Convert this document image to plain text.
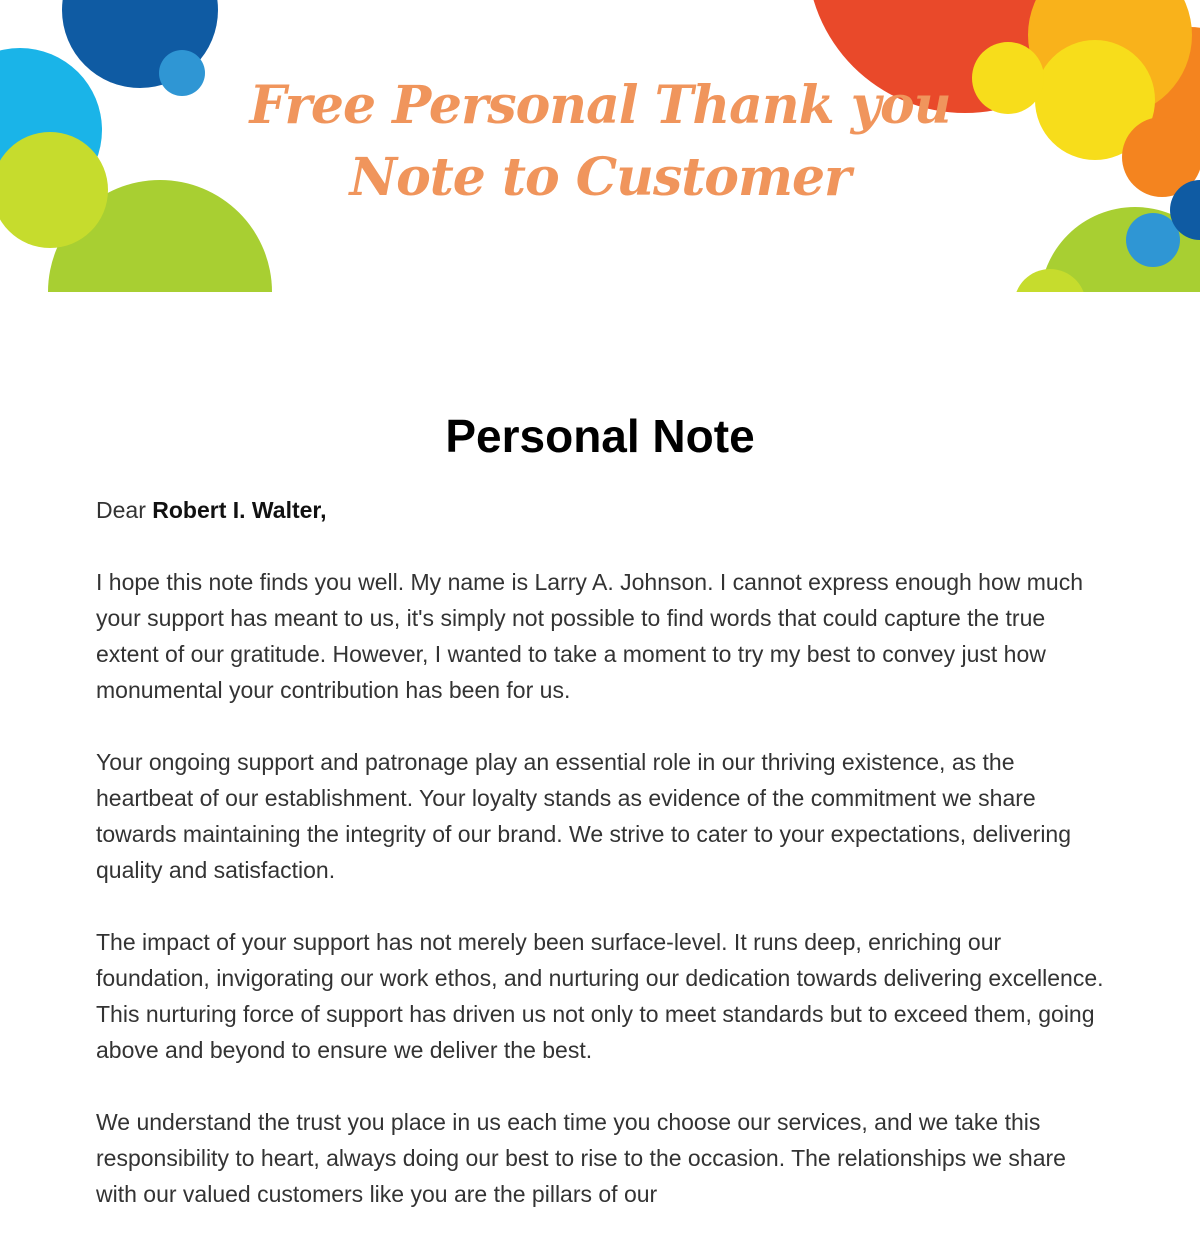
Free Personal Thank you
Note to Customer
Personal Note

Dear Robert I. Walter,

I hope this note finds you well. My name is Larry A. Johnson. I cannot express enough how much your support has meant to us, it's simply not possible to find words that could capture the true extent of our gratitude. However, I wanted to take a moment to try my best to convey just how monumental your contribution has been for us.

Your ongoing support and patronage play an essential role in our thriving existence, as the heartbeat of our establishment. Your loyalty stands as evidence of the commitment we share towards maintaining the integrity of our brand. We strive to cater to your expectations, delivering quality and satisfaction.

The impact of your support has not merely been surface-level. It runs deep, enriching our foundation, invigorating our work ethos, and nurturing our dedication towards delivering excellence. This nurturing force of support has driven us not only to meet standards but to exceed them, going above and beyond to ensure we deliver the best.

We understand the trust you place in us each time you choose our services, and we take this responsibility to heart, always doing our best to rise to the occasion. The relationships we share with our valued customers like you are the pillars of our
